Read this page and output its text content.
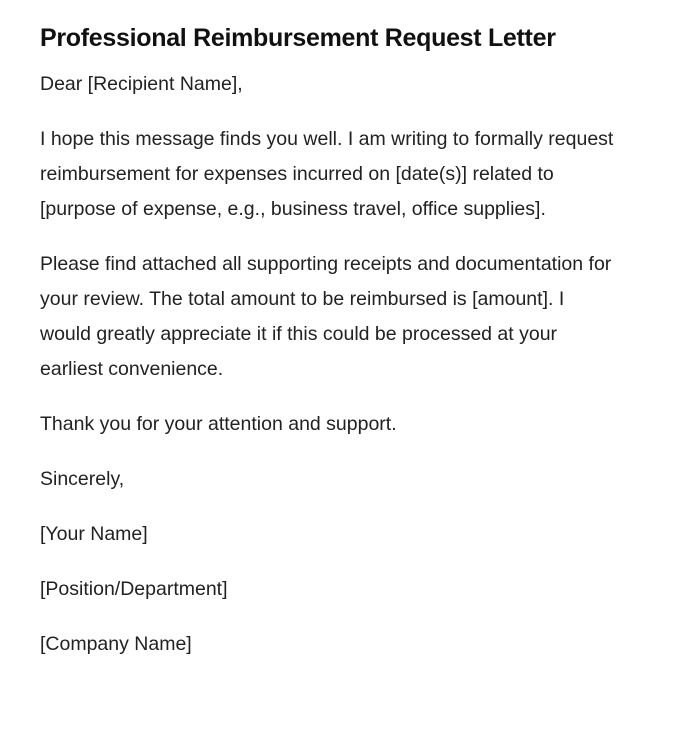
Professional Reimbursement Request Letter

Dear [Recipient Name],

I hope this message finds you well. I am writing to formally request reimbursement for expenses incurred on [date(s)] related to [purpose of expense, e.g., business travel, office supplies].

Please find attached all supporting receipts and documentation for your review. The total amount to be reimbursed is [amount]. I would greatly appreciate it if this could be processed at your earliest convenience.

Thank you for your attention and support.

Sincerely,

[Your Name]

[Position/Department]

[Company Name]
